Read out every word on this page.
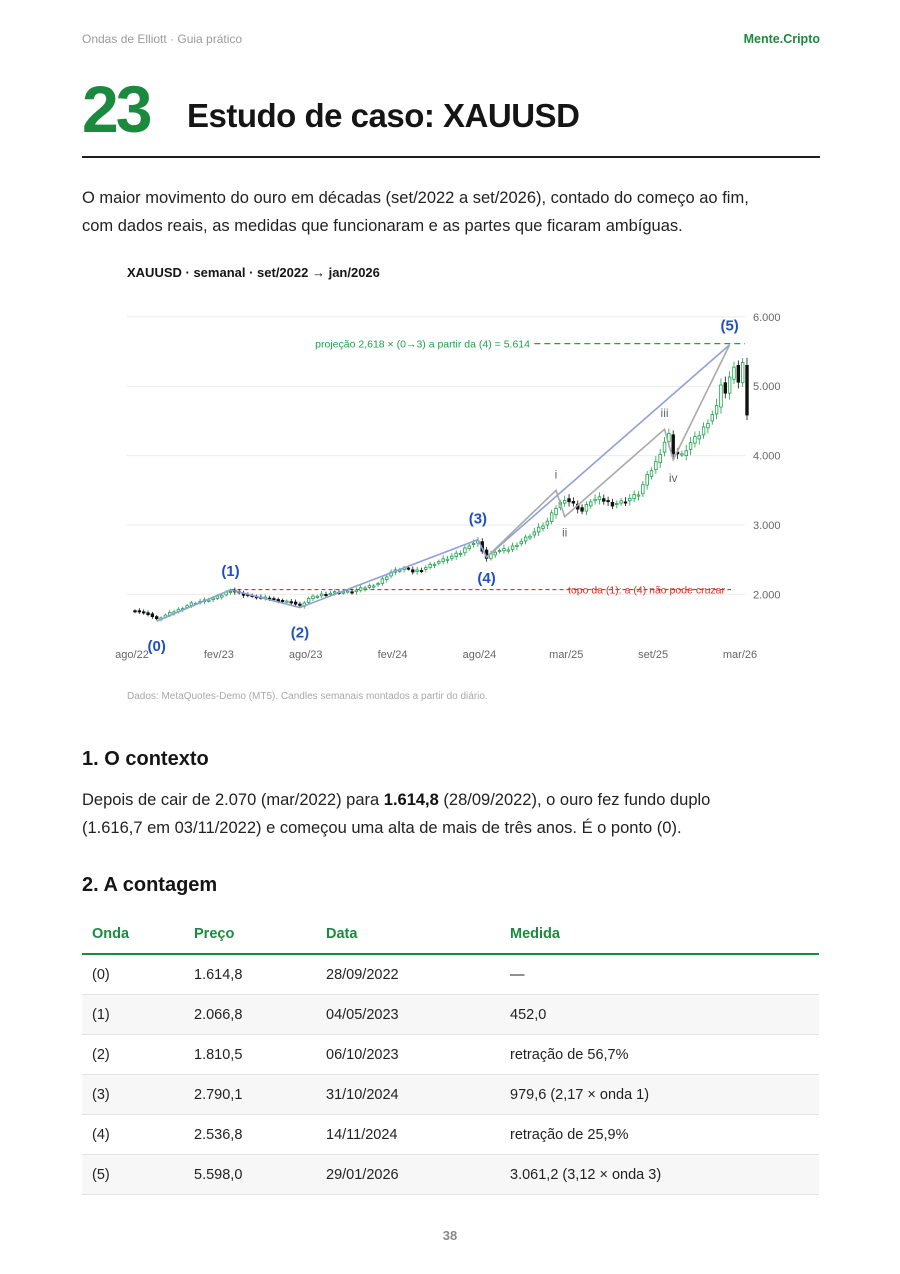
Ondas de Elliott · Guia prático	Mente.Cripto
23 Estudo de caso: XAUUSD
O maior movimento do ouro em décadas (set/2022 a set/2026), contado do começo ao fim,
com dados reais, as medidas que funcionaram e as partes que ficaram ambíguas.
XAUUSD · semanal · set/2022 → jan/2026
2.000
3.000
4.000
5.000
6.000
ago/22	fev/23	ago/23	fev/24	ago/24	mar/25	set/25	mar/26
projeção 2,618 × (0→3) a partir da (4) = 5.614
topo da (1): a (4) não pode cruzar
(0)
(1)
(2)
(3)
(4)
(5)
i
ii
iii
iv
Dados: MetaQuotes-Demo (MT5). Candles semanais montados a partir do diário.
1. O contexto
Depois de cair de 2.070 (mar/2022) para 1.614,8 (28/09/2022), o ouro fez fundo duplo
(1.616,7 em 03/11/2022) e começou uma alta de mais de três anos. É o ponto (0).
2. A contagem
Onda	Preço	Data	Medida
(0)	1.614,8	28/09/2022	—
(1)	2.066,8	04/05/2023	452,0
(2)	1.810,5	06/10/2023	retração de 56,7%
(3)	2.790,1	31/10/2024	979,6 (2,17 × onda 1)
(4)	2.536,8	14/11/2024	retração de 25,9%
(5)	5.598,0	29/01/2026	3.061,2 (3,12 × onda 3)
38
